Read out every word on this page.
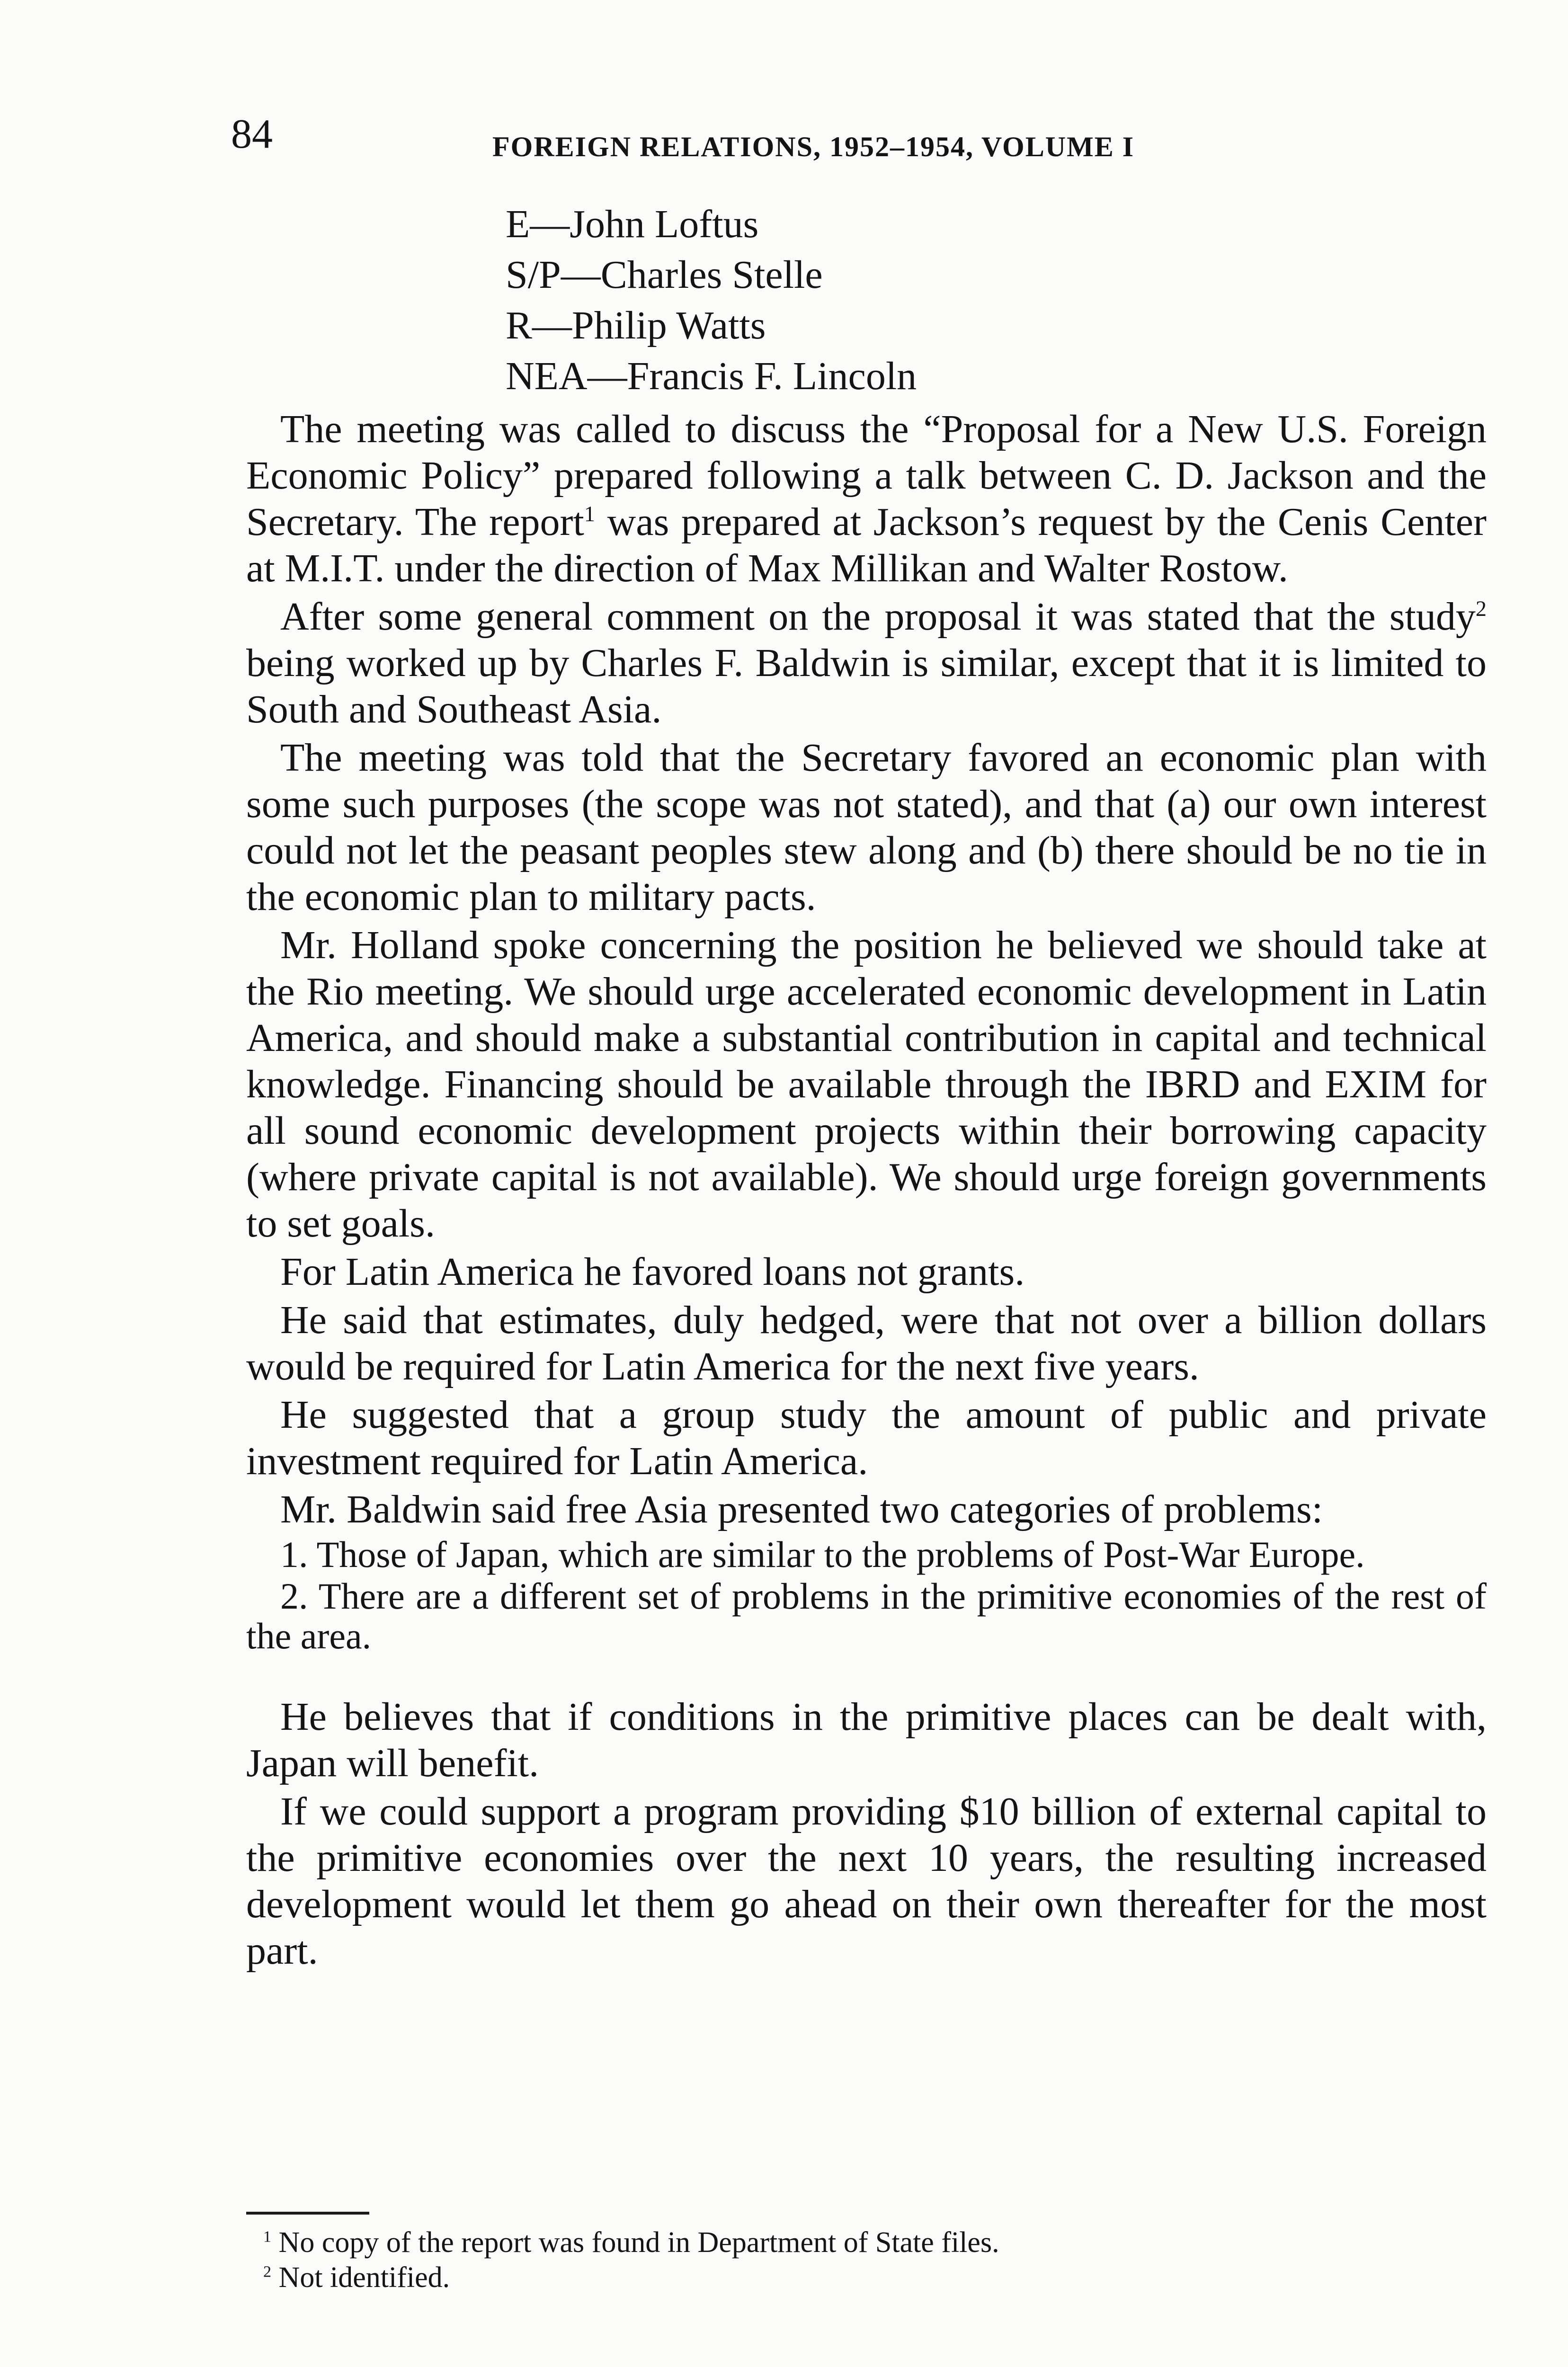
84	FOREIGN RELATIONS, 1952–1954, VOLUME I
E—John Loftus
S/P—Charles Stelle
R—Philip Watts
NEA—Francis F. Lincoln

The meeting was called to discuss the “Proposal for a New U.S. Foreign Economic Policy” prepared following a talk between C. D. Jackson and the Secretary. The report$^1$ was prepared at Jackson’s request by the Cenis Center at M.I.T. under the direction of Max Millikan and Walter Rostow.

After some general comment on the proposal it was stated that the study$^2$ being worked up by Charles F. Baldwin is similar, except that it is limited to South and Southeast Asia.

The meeting was told that the Secretary favored an economic plan with some such purposes (the scope was not stated), and that (a) our own interest could not let the peasant peoples stew along and (b) there should be no tie in the economic plan to military pacts.

Mr. Holland spoke concerning the position he believed we should take at the Rio meeting. We should urge accelerated economic development in Latin America, and should make a substantial contribution in capital and technical knowledge. Financing should be available through the IBRD and EXIM for all sound economic development projects within their borrowing capacity (where private capital is not available). We should urge foreign governments to set goals.

For Latin America he favored loans not grants.

He said that estimates, duly hedged, were that not over a billion dollars would be required for Latin America for the next five years.

He suggested that a group study the amount of public and private investment required for Latin America.

Mr. Baldwin said free Asia presented two categories of problems:

1. Those of Japan, which are similar to the problems of Post-War Europe.
2. There are a different set of problems in the primitive economies of the rest of the area.

He believes that if conditions in the primitive places can be dealt with, Japan will benefit.

If we could support a program providing $10 billion of external capital to the primitive economies over the next 10 years, the resulting increased development would let them go ahead on their own thereafter for the most part.

$^1$ No copy of the report was found in Department of State files.
$^2$ Not identified.
